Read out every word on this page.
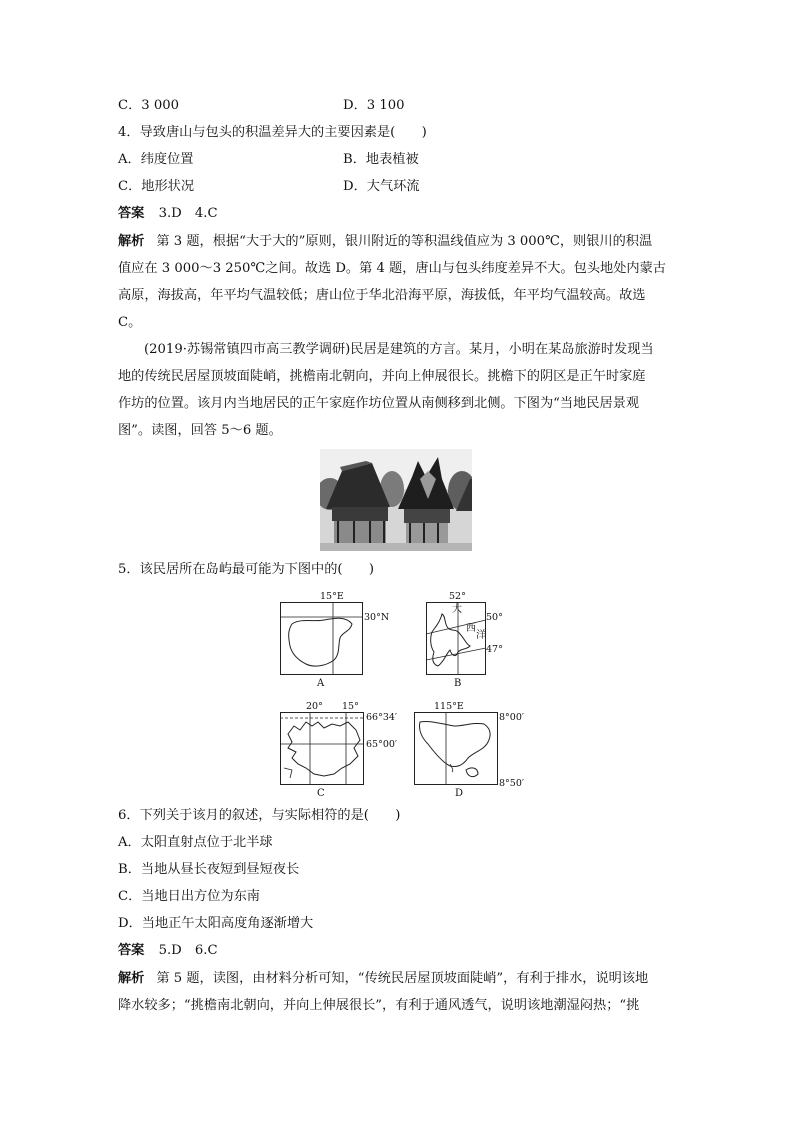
C．3 000	D．3 100
4．导致唐山与包头的积温差异大的主要因素是(　　)
A．纬度位置	B．地表植被
C．地形状况	D．大气环流
答案 3.D　4.C
解析 第 3 题，根据“大于大的”原则，银川附近的等积温线值应为 3 000℃，则银川的积温
值应在 3 000～3 250℃之间。故选 D。第 4 题，唐山与包头纬度差异不大。包头地处内蒙古
高原，海拔高，年平均气温较低；唐山位于华北沿海平原，海拔低，年平均气温较高。故选
C。
(2019·苏锡常镇四市高三教学调研)民居是建筑的方言。某月，小明在某岛旅游时发现当
地的传统民居屋顶坡面陡峭，挑檐南北朝向，并向上伸展很长。挑檐下的阴区是正午时家庭
作坊的位置。该月内当地居民的正午家庭作坊位置从南侧移到北侧。下图为“当地民居景观
图”。读图，回答 5～6 题。
5．该民居所在岛屿最可能为下图中的(　　)
15°E
30°N
A
52°
50°
47°
大
西
洋
B
20° 15°
66°34′
65°00′
C
115°E
8°00′
8°50′
D
6．下列关于该月的叙述，与实际相符的是(　　)
A．太阳直射点位于北半球
B．当地从昼长夜短到昼短夜长
C．当地日出方位为东南
D．当地正午太阳高度角逐渐增大
答案 5.D　6.C
解析 第 5 题，读图，由材料分析可知，“传统民居屋顶坡面陡峭”，有利于排水，说明该地
降水较多；“挑檐南北朝向，并向上伸展很长”，有利于通风透气，说明该地潮湿闷热；“挑
